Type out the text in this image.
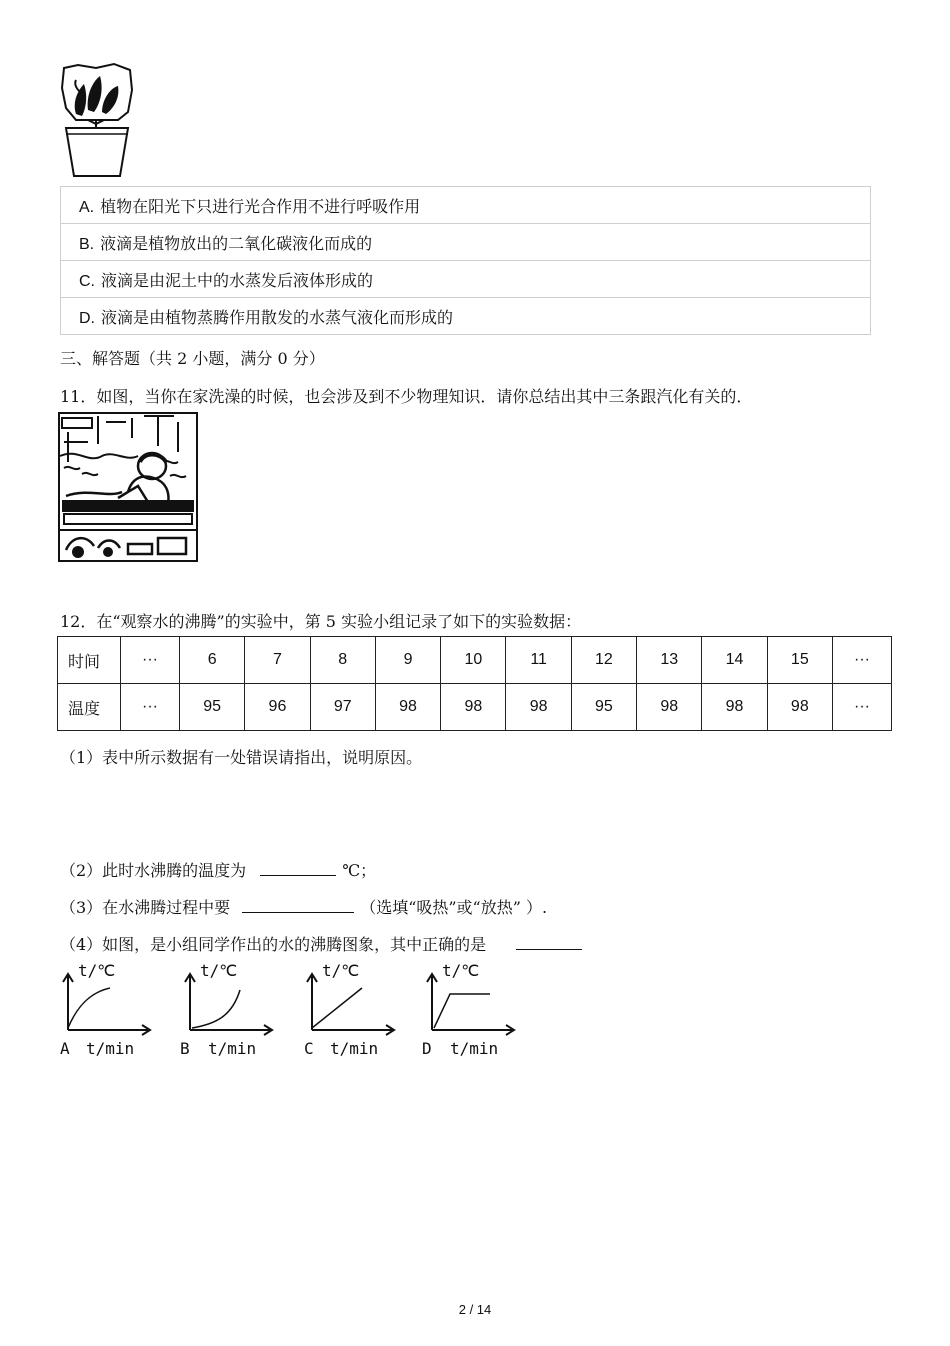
A. 植物在阳光下只进行光合作用不进行呼吸作用
B. 液滴是植物放出的二氧化碳液化而成的
C. 液滴是由泥土中的水蒸发后液体形成的
D. 液滴是由植物蒸腾作用散发的水蒸气液化而形成的
三、解答题（共 2 小题，满分 0 分）
11．如图，当你在家洗澡的时候，也会涉及到不少物理知识．请你总结出其中三条跟汽化有关的．
12．在“观察水的沸腾”的实验中，第 5 实验小组记录了如下的实验数据：
时间	···	6	7	8	9	10	11	12	13	14	15	···
温度	···	95	96	97	98	98	98	95	98	98	98	···
（1）表中所示数据有一处错误请指出，说明原因。
（2）此时水沸腾的温度为	℃；
（3）在水沸腾过程中要	（选填“吸热”或“放热” ）.
（4）如图，是小组同学作出的水的沸腾图象，其中正确的是
t/℃
A t/min
t/℃
B t/min
t/℃
C t/min
t/℃
D t/min
2 / 14
